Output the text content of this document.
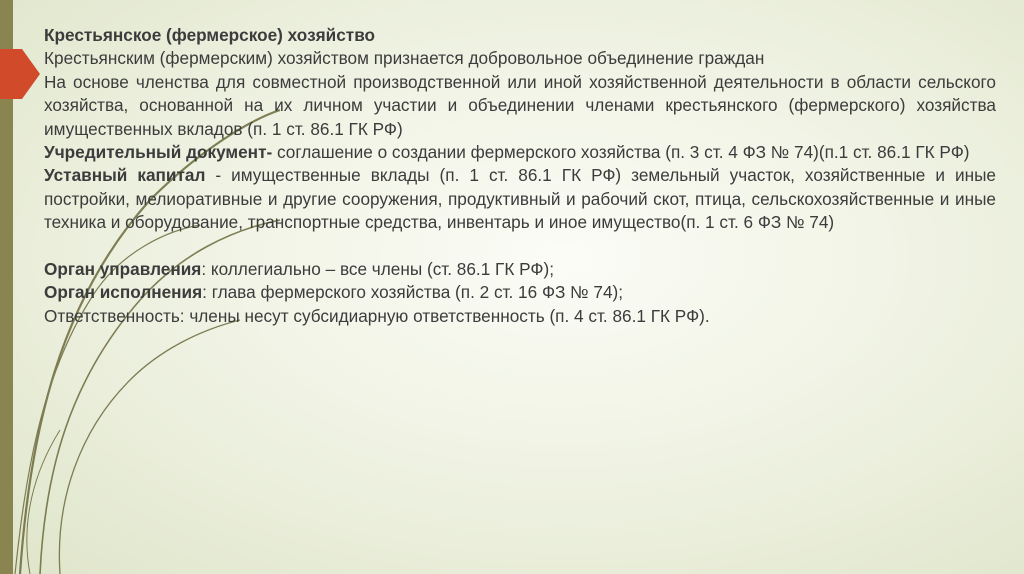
Крестьянское (фермерское) хозяйство

Крестьянским (фермерским) хозяйством признается добровольное объединение граждан

На основе членства для совместной производственной или иной хозяйственной деятельности в области сельского хозяйства, основанной на их личном участии и объединении членами крестьянского (фермерского) хозяйства имущественных вкладов (п. 1 ст. 86.1 ГК РФ)

Учредительный документ- соглашение о создании фермерского хозяйства (п. 3 ст. 4 ФЗ № 74)(п.1 ст. 86.1 ГК РФ)

Уставный капитал - имущественные вклады (п. 1 ст. 86.1 ГК РФ) земельный участок, хозяйственные и иные постройки, мелиоративные и другие сооружения, продуктивный и рабочий скот, птица, сельскохозяйственные и иные техника и оборудование, транспортные средства, инвентарь и иное имущество(п. 1 ст. 6 ФЗ № 74)

Орган управления: коллегиально – все члены (ст. 86.1 ГК РФ);

Орган исполнения: глава фермерского хозяйства (п. 2 ст. 16 ФЗ № 74);

Ответственность: члены несут субсидиарную ответственность (п. 4 ст. 86.1 ГК РФ).
